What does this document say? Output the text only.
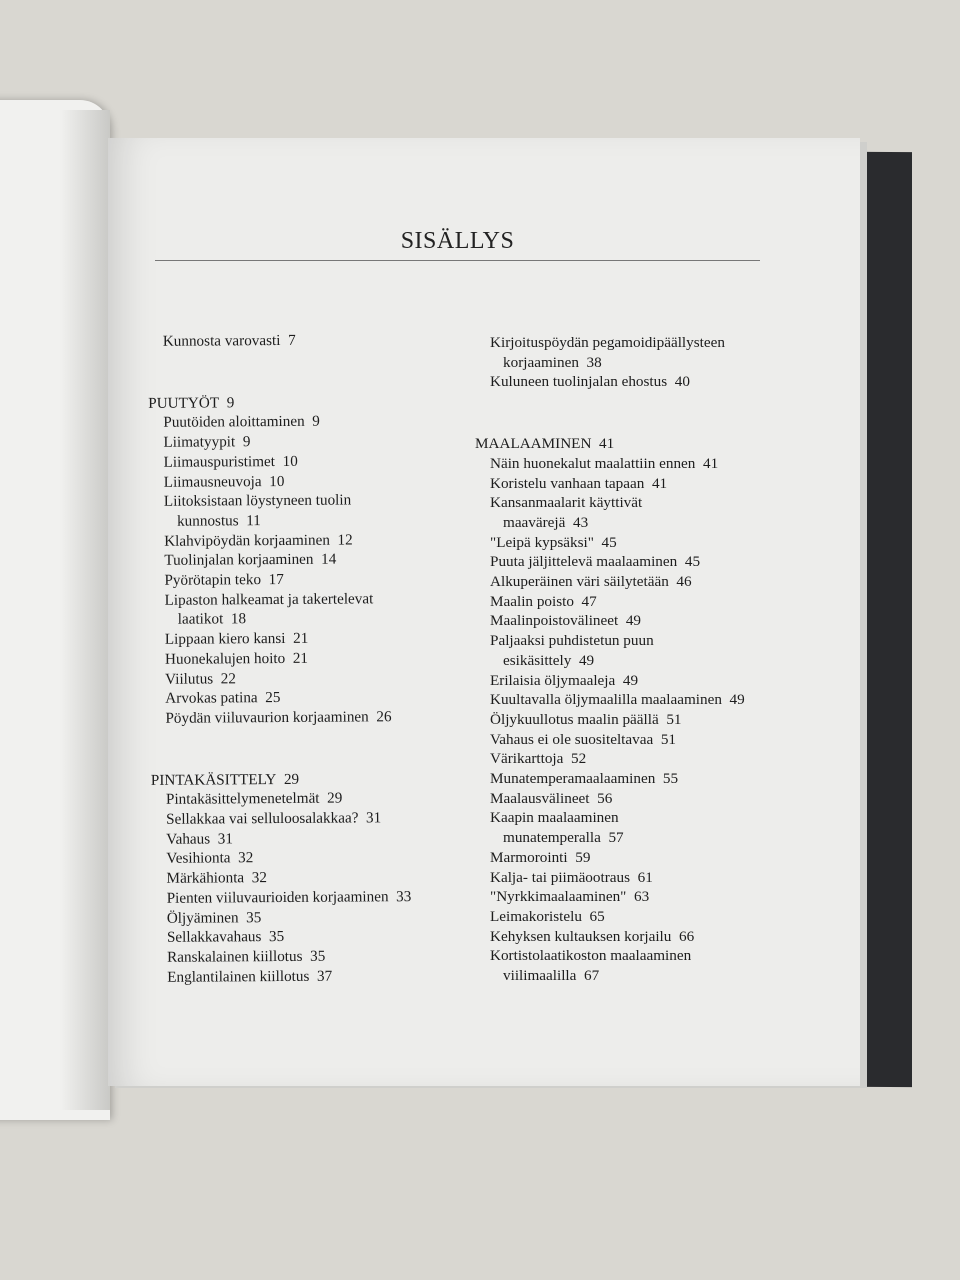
SISÄLLYS
Kunnosta varovasti 7
PUUTYÖT 9
Puutöiden aloittaminen 9
Liimatyypit 9
Liimauspuristimet 10
Liimausneuvoja 10
Liitoksistaan löystyneen tuolin
kunnostus 11
Klahvipöydän korjaaminen 12
Tuolinjalan korjaaminen 14
Pyörötapin teko 17
Lipaston halkeamat ja takertelevat
laatikot 18
Lippaan kiero kansi 21
Huonekalujen hoito 21
Viilutus 22
Arvokas patina 25
Pöydän viiluvaurion korjaaminen 26
PINTAKÄSITTELY 29
Pintakäsittelymenetelmät 29
Sellakkaa vai selluloosalakkaa? 31
Vahaus 31
Vesihionta 32
Märkähionta 32
Pienten viiluvaurioiden korjaaminen 33
Öljyäminen 35
Sellakkavahaus 35
Ranskalainen kiillotus 35
Englantilainen kiillotus 37
Kirjoituspöydän pegamoidipäällysteen
korjaaminen 38
Kuluneen tuolinjalan ehostus 40
MAALAAMINEN 41
Näin huonekalut maalattiin ennen 41
Koristelu vanhaan tapaan 41
Kansanmaalarit käyttivät
maavärejä 43
"Leipä kypsäksi" 45
Puuta jäljittelevä maalaaminen 45
Alkuperäinen väri säilytetään 46
Maalin poisto 47
Maalinpoistovälineet 49
Paljaaksi puhdistetun puun
esikäsittely 49
Erilaisia öljymaaleja 49
Kuultavalla öljymaalilla maalaaminen 49
Öljykuullotus maalin päällä 51
Vahaus ei ole suositeltavaa 51
Värikarttoja 52
Munatemperamaalaaminen 55
Maalausvälineet 56
Kaapin maalaaminen
munatemperalla 57
Marmorointi 59
Kalja- tai piimäootraus 61
"Nyrkkimaalaaminen" 63
Leimakoristelu 65
Kehyksen kultauksen korjailu 66
Kortistolaatikoston maalaaminen
viilimaalilla 67
